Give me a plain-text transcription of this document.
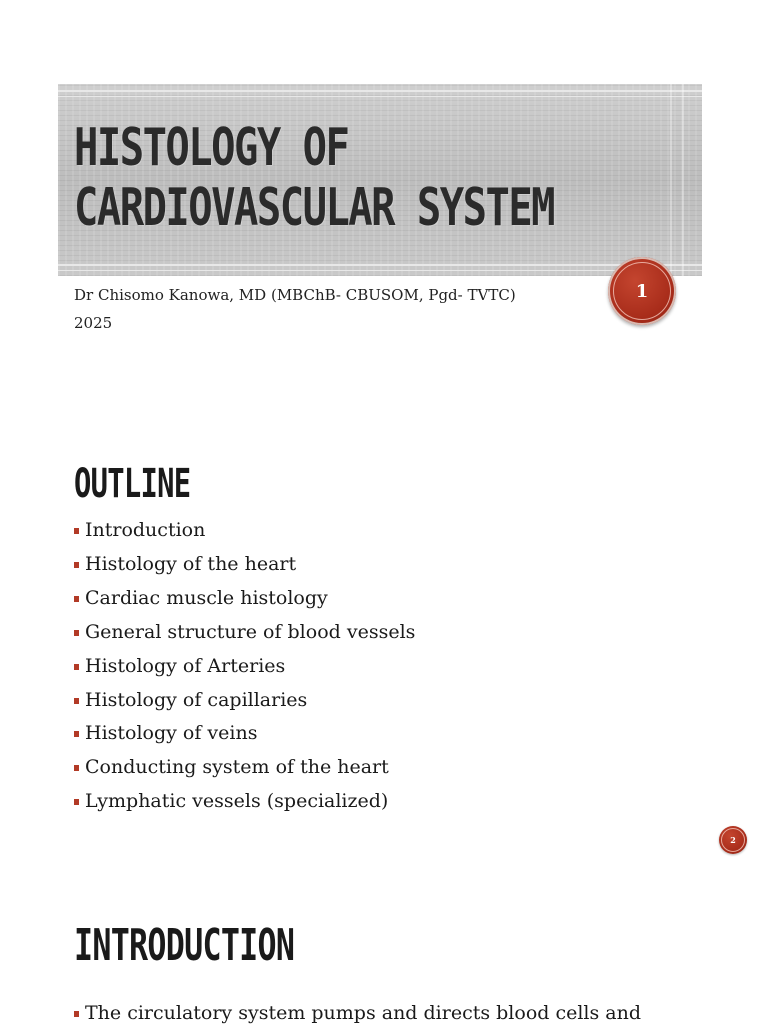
HISTOLOGY OF
CARDIOVASCULAR SYSTEM
Dr Chisomo Kanowa, MD (MBChB- CBUSOM, Pgd- TVTC)
2025
1
OUTLINE
Introduction
Histology of the heart
Cardiac muscle histology
General structure of blood vessels
Histology of Arteries
Histology of capillaries
Histology of veins
Conducting system of the heart
Lymphatic vessels (specialized)
2
INTRODUCTION
The circulatory system pumps and directs blood cells and
